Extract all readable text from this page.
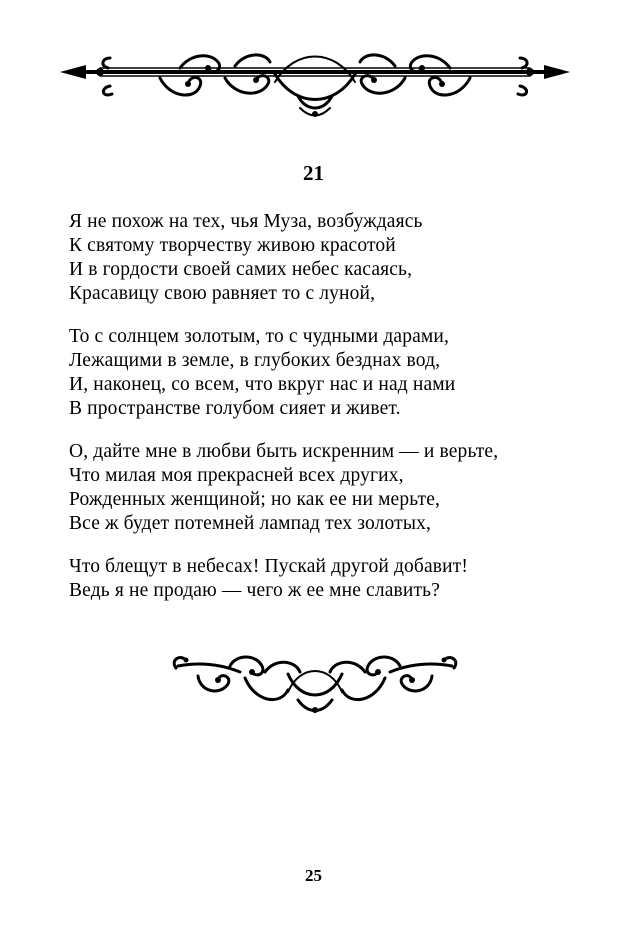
21
Я не похож на тех, чья Муза, возбуждаясь
К святому творчеству живою красотой
И в гордости своей самих небес касаясь,
Красавицу свою равняет то с луной,
То с солнцем золотым, то с чудными дарами,
Лежащими в земле, в глубоких безднах вод,
И, наконец, со всем, что вкруг нас и над нами
В пространстве голубом сияет и живет.
О, дайте мне в любви быть искренним — и верьте,
Что милая моя прекрасней всех других,
Рожденных женщиной; но как ее ни мерьте,
Все ж будет потемней лампад тех золотых,
Что блещут в небесах! Пускай другой добавит!
Ведь я не продаю — чего ж ее мне славить?
25
